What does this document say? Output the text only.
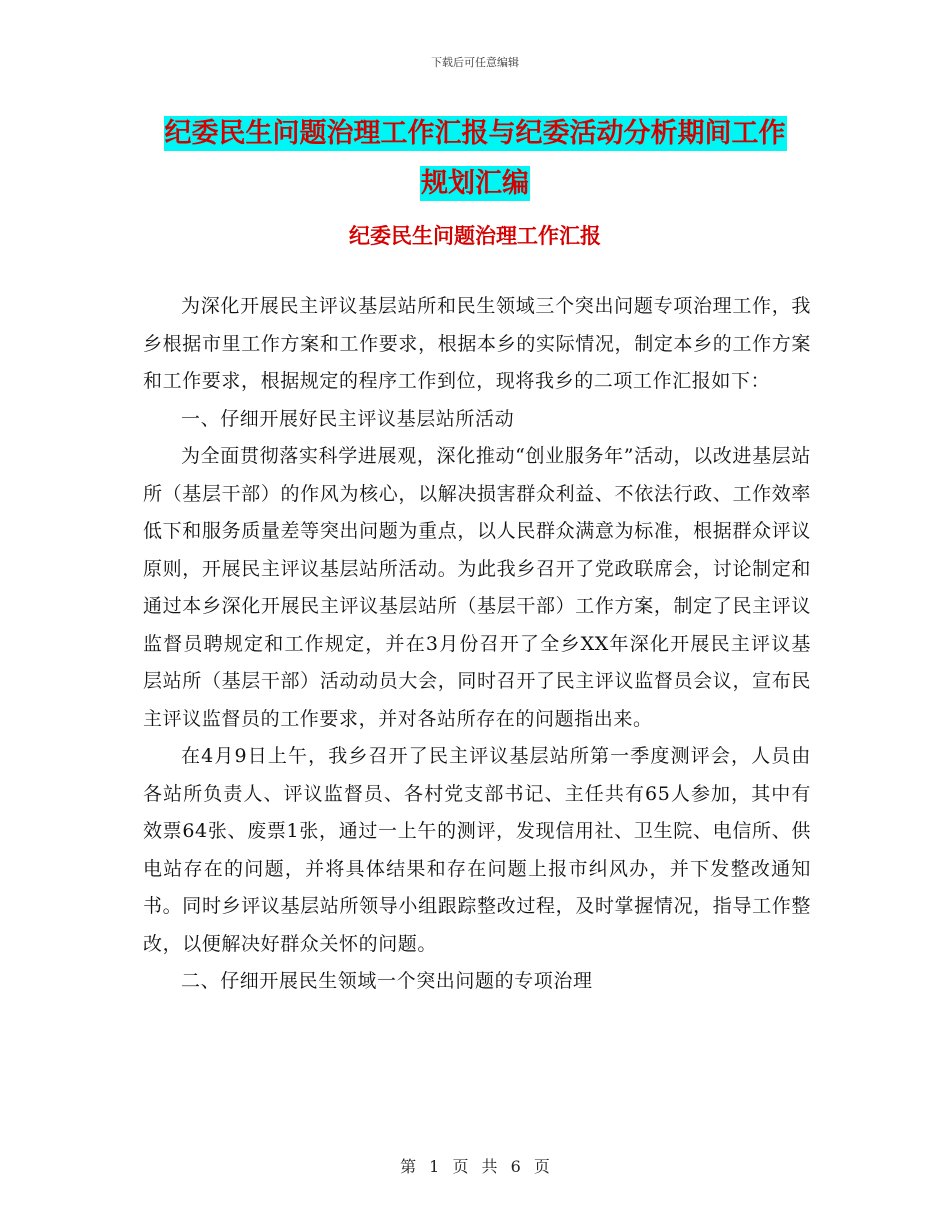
下载后可任意编辑
纪委民生问题治理工作汇报与纪委活动分析期间工作
规划汇编
纪委民生问题治理工作汇报

为深化开展民主评议基层站所和民生领域三个突出问题专项治理工作，我乡根据市里工作方案和工作要求，根据本乡的实际情况，制定本乡的工作方案和工作要求，根据规定的程序工作到位，现将我乡的二项工作汇报如下：

一、仔细开展好民主评议基层站所活动

为全面贯彻落实科学进展观，深化推动“创业服务年”活动，以改进基层站所（基层干部）的作风为核心，以解决损害群众利益、不依法行政、工作效率低下和服务质量差等突出问题为重点，以人民群众满意为标准，根据群众评议原则，开展民主评议基层站所活动。为此我乡召开了党政联席会，讨论制定和通过本乡深化开展民主评议基层站所（基层干部）工作方案，制定了民主评议监督员聘规定和工作规定，并在3月份召开了全乡XX年深化开展民主评议基层站所（基层干部）活动动员大会，同时召开了民主评议监督员会议，宣布民主评议监督员的工作要求，并对各站所存在的问题指出来。

在4月9日上午，我乡召开了民主评议基层站所第一季度测评会，人员由各站所负责人、评议监督员、各村党支部书记、主任共有65人参加，其中有效票64张、废票1张，通过一上午的测评，发现信用社、卫生院、电信所、供电站存在的问题，并将具体结果和存在问题上报市纠风办，并下发整改通知书。同时乡评议基层站所领导小组跟踪整改过程，及时掌握情况，指导工作整改，以便解决好群众关怀的问题。

二、仔细开展民生领域一个突出问题的专项治理

第 1 页 共 6 页
